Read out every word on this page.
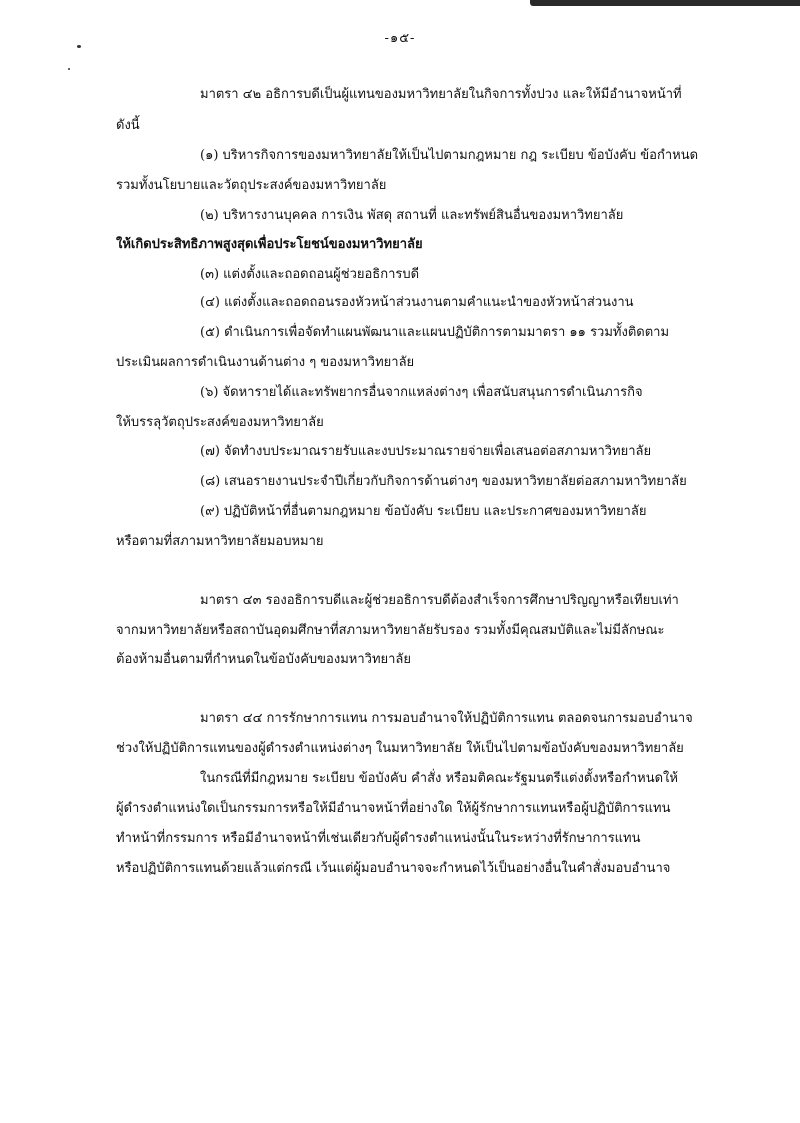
-๑๕-
มาตรา ๔๒ อธิการบดีเป็นผู้แทนของมหาวิทยาลัยในกิจการทั้งปวง และให้มีอำนาจหน้าที่
ดังนี้
(๑) บริหารกิจการของมหาวิทยาลัยให้เป็นไปตามกฎหมาย กฎ ระเบียบ ข้อบังคับ ข้อกำหนด
รวมทั้งนโยบายและวัตถุประสงค์ของมหาวิทยาลัย
(๒) บริหารงานบุคคล การเงิน พัสดุ สถานที่ และทรัพย์สินอื่นของมหาวิทยาลัย
ให้เกิดประสิทธิภาพสูงสุดเพื่อประโยชน์ของมหาวิทยาลัย
(๓) แต่งตั้งและถอดถอนผู้ช่วยอธิการบดี
(๔) แต่งตั้งและถอดถอนรองหัวหน้าส่วนงานตามคำแนะนำของหัวหน้าส่วนงาน
(๕) ดำเนินการเพื่อจัดทำแผนพัฒนาและแผนปฏิบัติการตามมาตรา ๑๑ รวมทั้งติดตาม
ประเมินผลการดำเนินงานด้านต่าง ๆ ของมหาวิทยาลัย
(๖) จัดหารายได้และทรัพยากรอื่นจากแหล่งต่างๆ เพื่อสนับสนุนการดำเนินภารกิจ
ให้บรรลุวัตถุประสงค์ของมหาวิทยาลัย
(๗) จัดทำงบประมาณรายรับและงบประมาณรายจ่ายเพื่อเสนอต่อสภามหาวิทยาลัย
(๘) เสนอรายงานประจำปีเกี่ยวกับกิจการด้านต่างๆ ของมหาวิทยาลัยต่อสภามหาวิทยาลัย
(๙) ปฏิบัติหน้าที่อื่นตามกฎหมาย ข้อบังคับ ระเบียบ และประกาศของมหาวิทยาลัย
หรือตามที่สภามหาวิทยาลัยมอบหมาย
มาตรา ๔๓ รองอธิการบดีและผู้ช่วยอธิการบดีต้องสำเร็จการศึกษาปริญญาหรือเทียบเท่า
จากมหาวิทยาลัยหรือสถาบันอุดมศึกษาที่สภามหาวิทยาลัยรับรอง รวมทั้งมีคุณสมบัติและไม่มีลักษณะ
ต้องห้ามอื่นตามที่กำหนดในข้อบังคับของมหาวิทยาลัย
มาตรา ๔๔ การรักษาการแทน การมอบอำนาจให้ปฏิบัติการแทน ตลอดจนการมอบอำนาจ
ช่วงให้ปฏิบัติการแทนของผู้ดำรงตำแหน่งต่างๆ ในมหาวิทยาลัย ให้เป็นไปตามข้อบังคับของมหาวิทยาลัย
ในกรณีที่มีกฎหมาย ระเบียบ ข้อบังคับ คำสั่ง หรือมติคณะรัฐมนตรีแต่งตั้งหรือกำหนดให้
ผู้ดำรงตำแหน่งใดเป็นกรรมการหรือให้มีอำนาจหน้าที่อย่างใด ให้ผู้รักษาการแทนหรือผู้ปฏิบัติการแทน
ทำหน้าที่กรรมการ หรือมีอำนาจหน้าที่เช่นเดียวกับผู้ดำรงตำแหน่งนั้นในระหว่างที่รักษาการแทน
หรือปฏิบัติการแทนด้วยแล้วแต่กรณี เว้นแต่ผู้มอบอำนาจจะกำหนดไว้เป็นอย่างอื่นในคำสั่งมอบอำนาจ
